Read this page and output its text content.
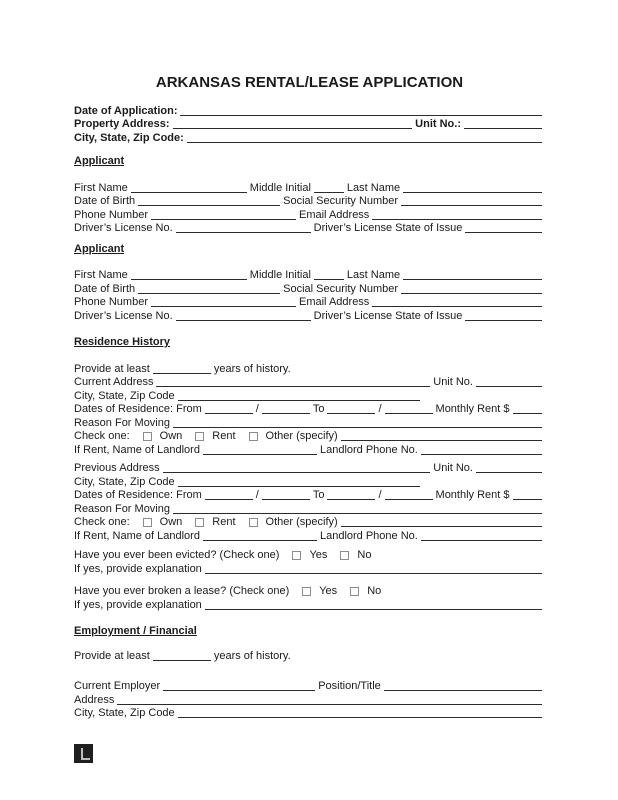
ARKANSAS RENTAL/LEASE APPLICATION
Date of Application:
Property Address:	Unit No.:
City, State, Zip Code:
Applicant
First Name	Middle Initial	Last Name
Date of Birth	Social Security Number
Phone Number	Email Address
Driver’s License No.	Driver’s License State of Issue
Applicant
First Name	Middle Initial	Last Name
Date of Birth	Social Security Number
Phone Number	Email Address
Driver’s License No.	Driver’s License State of Issue
Residence History
Provide at least	years of history.
Current Address	Unit No.
City, State, Zip Code
Dates of Residence: From	/	To	/	Monthly Rent $
Reason For Moving
Check one:	Own	Rent	Other (specify)
If Rent, Name of Landlord	Landlord Phone No.
Previous Address	Unit No.
City, State, Zip Code
Dates of Residence: From	/	To	/	Monthly Rent $
Reason For Moving
Check one:	Own	Rent	Other (specify)
If Rent, Name of Landlord	Landlord Phone No.
Have you ever been evicted? (Check one)	Yes	No
If yes, provide explanation
Have you ever broken a lease? (Check one)	Yes	No
If yes, provide explanation
Employment / Financial
Provide at least	years of history.
Current Employer	Position/Title
Address
City, State, Zip Code
